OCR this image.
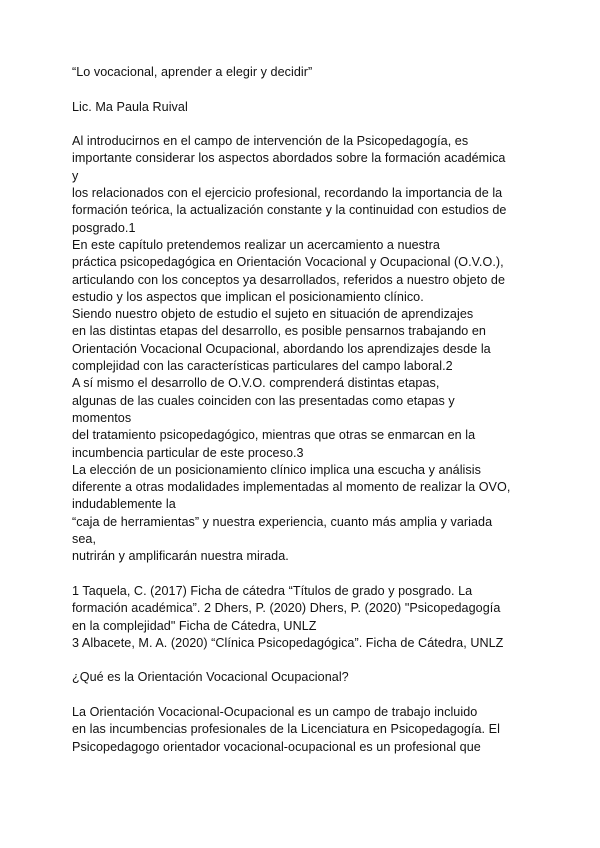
“Lo vocacional, aprender a elegir y decidir”
Lic. Ma Paula Ruival
Al introducirnos en el campo de intervención de la Psicopedagogía, es
importante considerar los aspectos abordados sobre la formación académica
y
los relacionados con el ejercicio profesional, recordando la importancia de la
formación teórica, la actualización constante y la continuidad con estudios de
posgrado.1
En este capítulo pretendemos realizar un acercamiento a nuestra
práctica psicopedagógica en Orientación Vocacional y Ocupacional (O.V.O.),
articulando con los conceptos ya desarrollados, referidos a nuestro objeto de
estudio y los aspectos que implican el posicionamiento clínico.
Siendo nuestro objeto de estudio el sujeto en situación de aprendizajes
en las distintas etapas del desarrollo, es posible pensarnos trabajando en
Orientación Vocacional Ocupacional, abordando los aprendizajes desde la
complejidad con las características particulares del campo laboral.2
A sí mismo el desarrollo de O.V.O. comprenderá distintas etapas,
algunas de las cuales coinciden con las presentadas como etapas y
momentos
del tratamiento psicopedagógico, mientras que otras se enmarcan en la
incumbencia particular de este proceso.3
La elección de un posicionamiento clínico implica una escucha y análisis
diferente a otras modalidades implementadas al momento de realizar la OVO,
indudablemente la
“caja de herramientas” y nuestra experiencia, cuanto más amplia y variada
sea,
nutrirán y amplificarán nuestra mirada.
1 Taquela, C. (2017) Ficha de cátedra “Títulos de grado y posgrado. La
formación académica”. 2 Dhers, P. (2020) Dhers, P. (2020) "Psicopedagogía
en la complejidad" Ficha de Cátedra, UNLZ
3 Albacete, M. A. (2020) “Clínica Psicopedagógica”. Ficha de Cátedra, UNLZ
¿Qué es la Orientación Vocacional Ocupacional?
La Orientación Vocacional-Ocupacional es un campo de trabajo incluido
en las incumbencias profesionales de la Licenciatura en Psicopedagogía. El
Psicopedagogo orientador vocacional-ocupacional es un profesional que
